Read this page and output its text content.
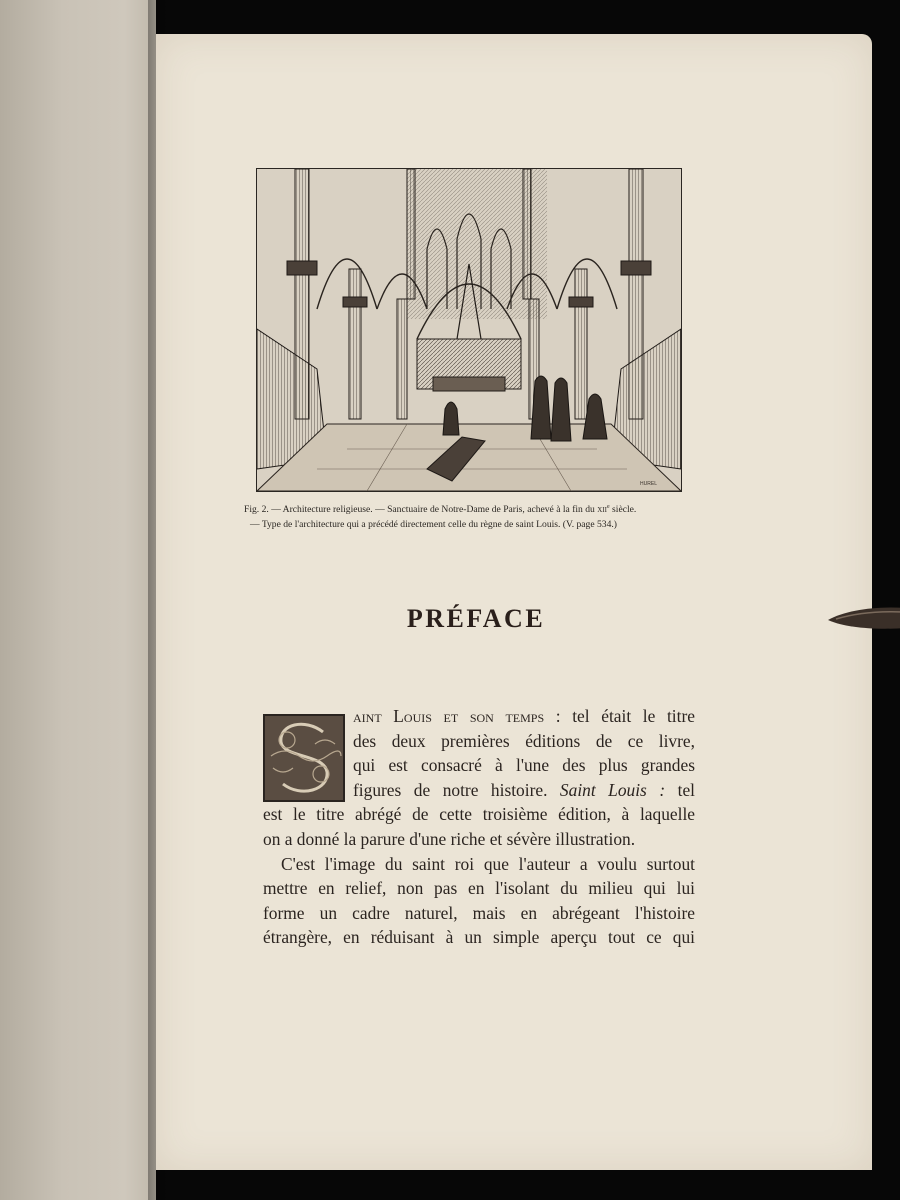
HUREL
Fig. 2. — Architecture religieuse. — Sanctuaire de Notre-Dame de Paris, achevé à la fin du xii$^e$ siècle.
— Type de l'architecture qui a précédé directement celle du règne de saint Louis. (V. page 534.)
PRÉFACE
aint Louis et son temps : tel était le titre
des deux premières éditions de ce livre,
qui est consacré à l'une des plus grandes
figures de notre histoire. Saint Louis : tel
est le titre abrégé de cette troisième édition, à laquelle
on a donné la parure d'une riche et sévère illustration.
C'est l'image du saint roi que l'auteur a voulu surtout
mettre en relief, non pas en l'isolant du milieu qui lui
forme un cadre naturel, mais en abrégeant l'histoire
étrangère, en réduisant à un simple aperçu tout ce qui
